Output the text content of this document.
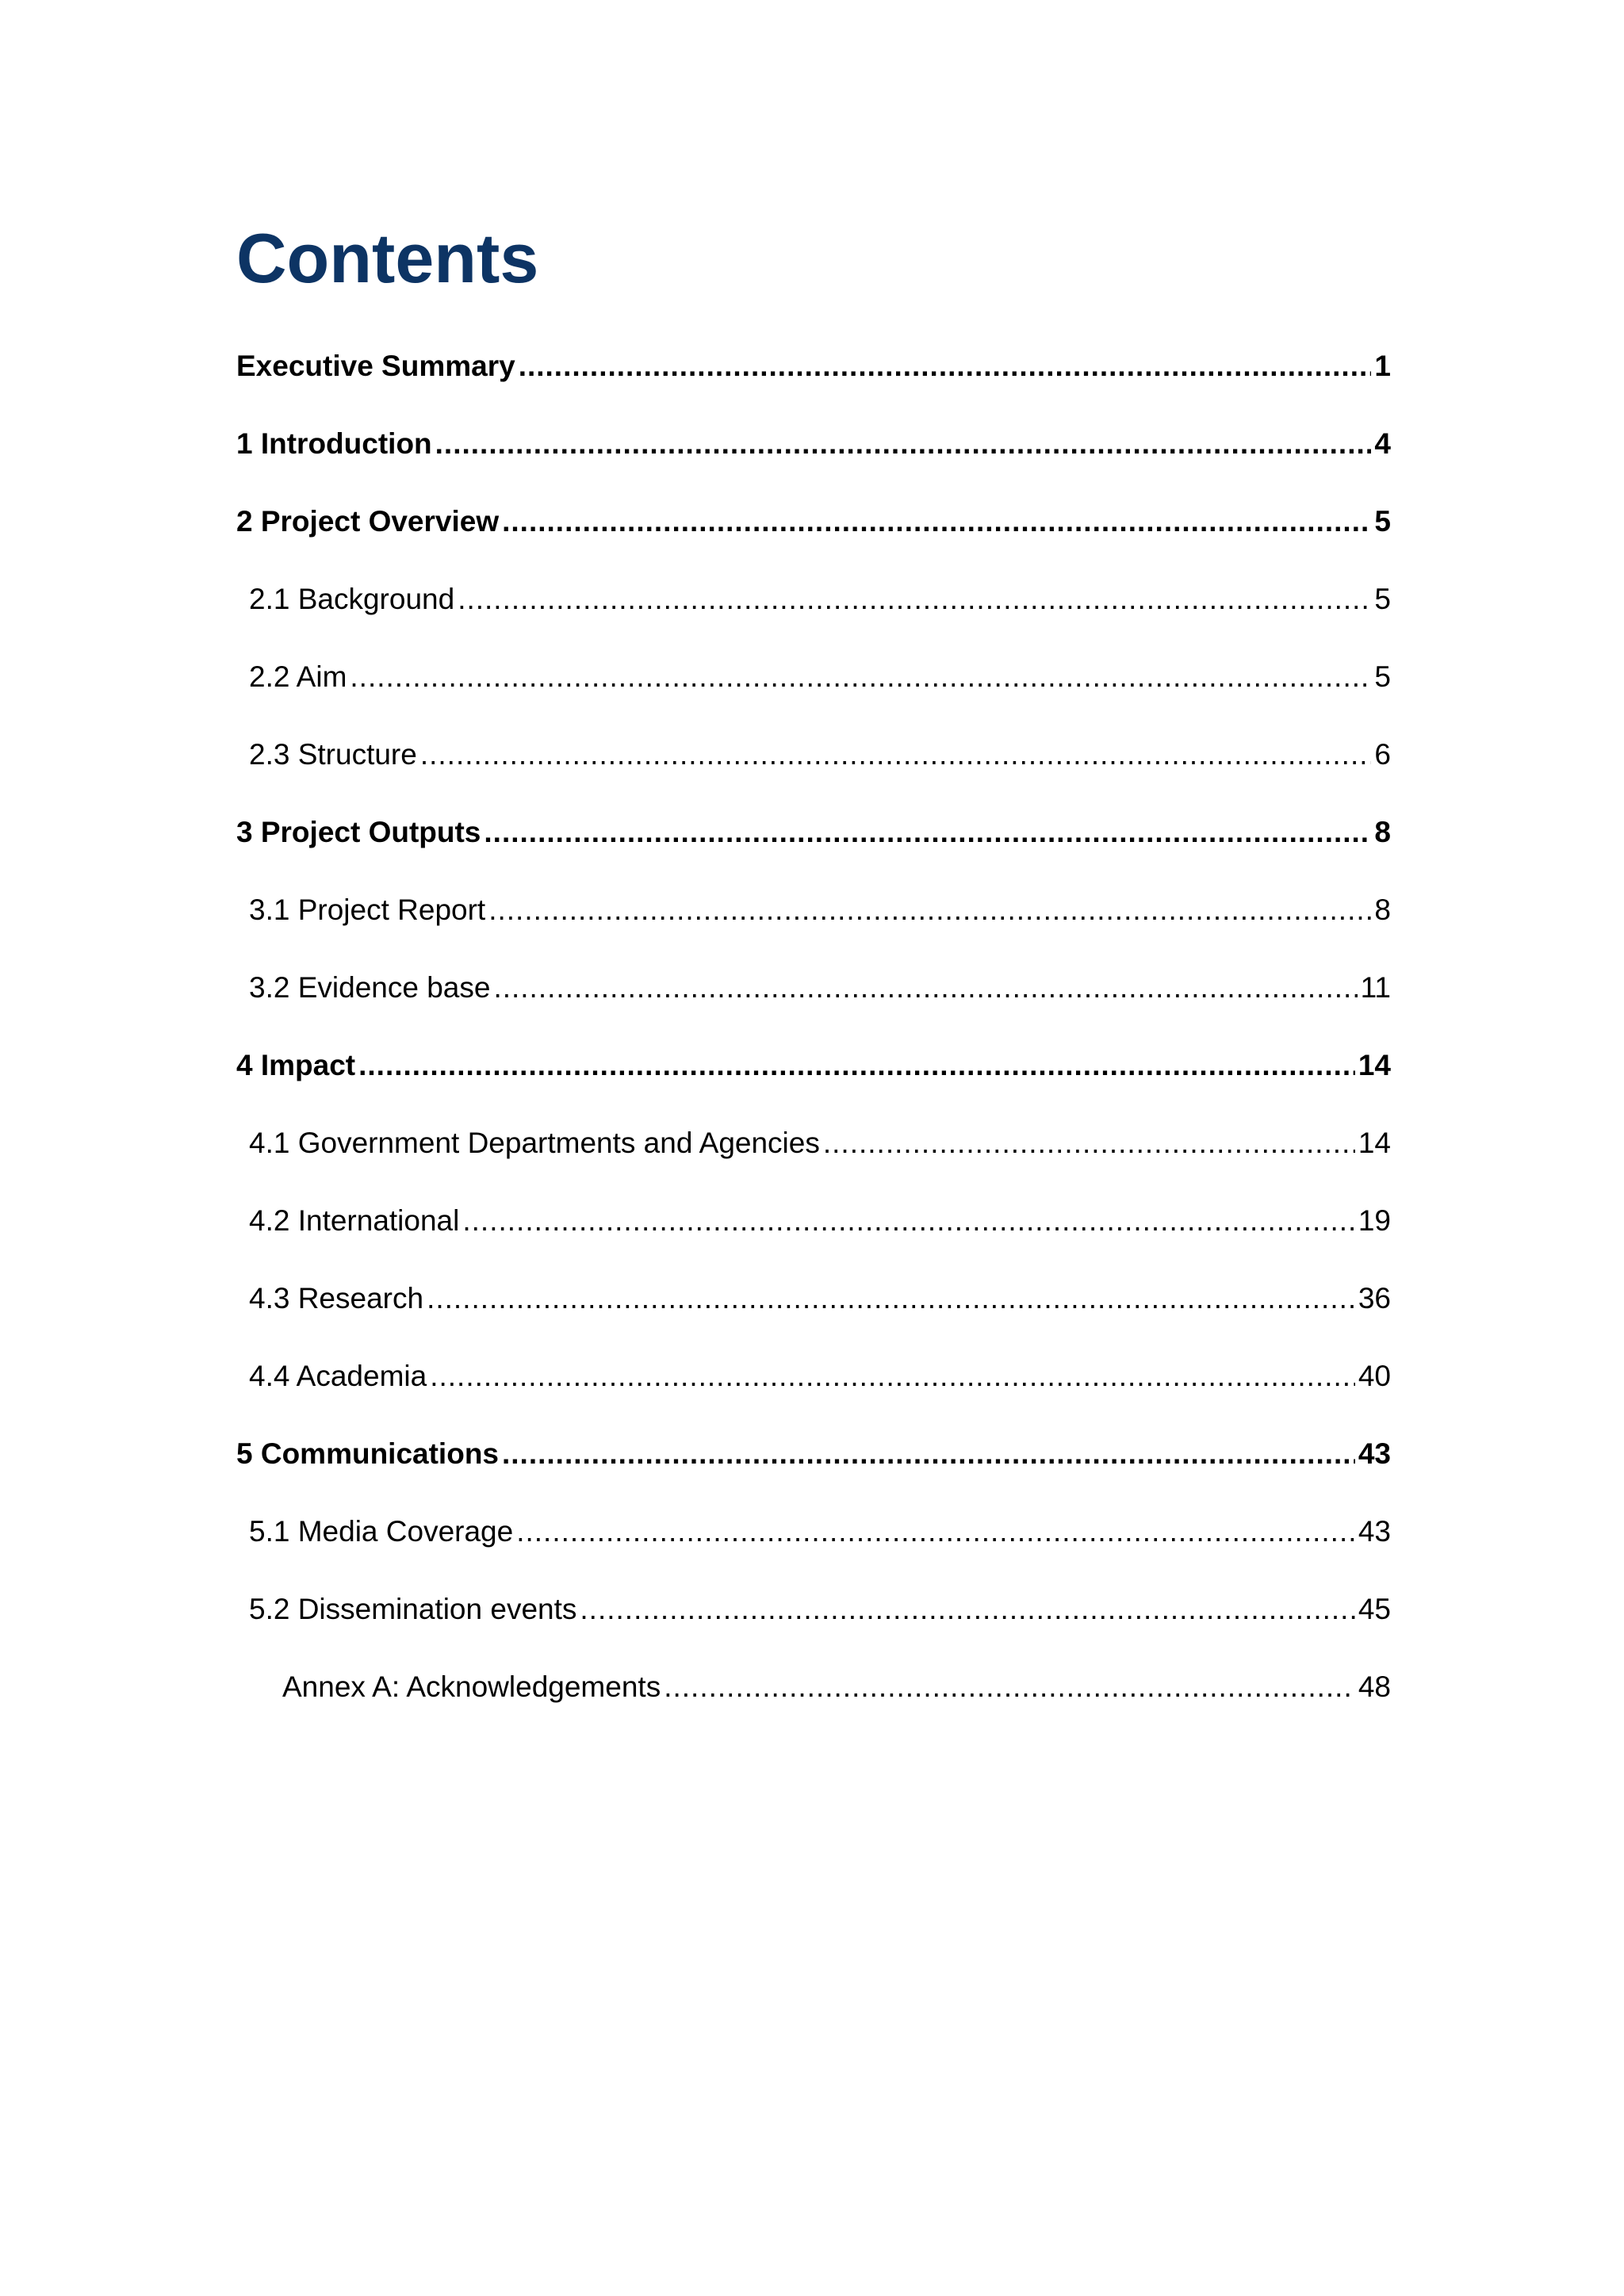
Contents
Executive Summary .....	1
1 Introduction .....	4
2 Project Overview .....	5
2.1 Background .....	5
2.2 Aim .....	5
2.3 Structure .....	6
3 Project Outputs .....	8
3.1 Project Report .....	8
3.2 Evidence base .....	11
4 Impact .....	14
4.1 Government Departments and Agencies .....	14
4.2 International .....	19
4.3 Research .....	36
4.4 Academia .....	40
5 Communications .....	43
5.1 Media Coverage .....	43
5.2 Dissemination events .....	45
Annex A: Acknowledgements .....	48
